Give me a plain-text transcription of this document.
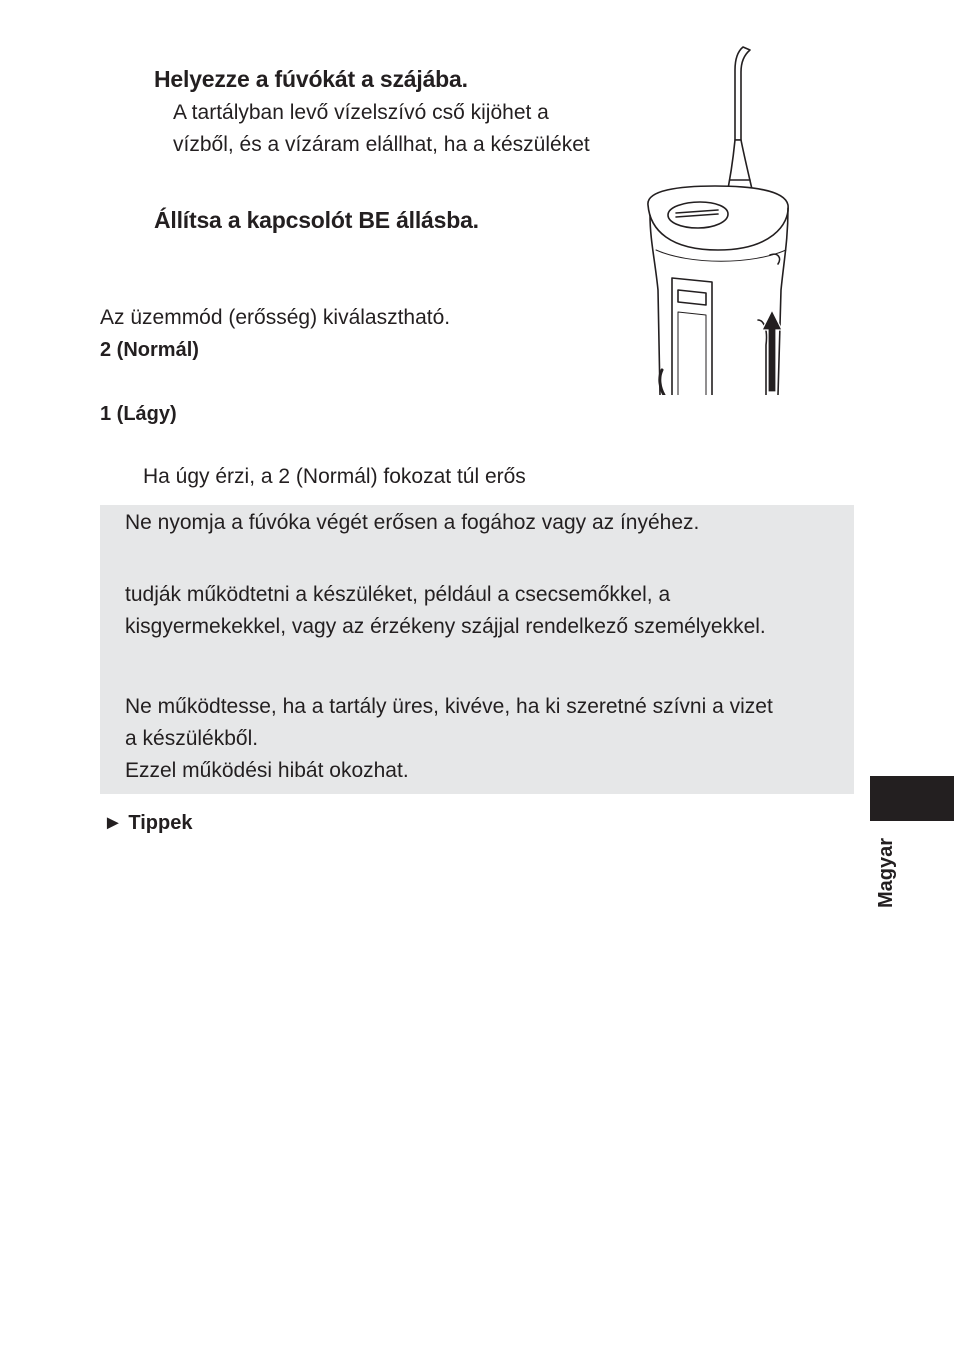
Helyezze a fúvókát a szájába.
A tartályban levő vízelszívó cső kijöhet a
vízből, és a vízáram elállhat, ha a készüléket
Állítsa a kapcsolót BE állásba.
Az üzemmód (erősség) kiválasztható.
2 (Normál)
1 (Lágy)
Ha úgy érzi, a 2 (Normál) fokozat túl erős
Ne nyomja a fúvóka végét erősen a fogához vagy az ínyéhez.
tudják működtetni a készüléket, például a csecsemőkkel, a
kisgyermekekkel, vagy az érzékeny szájjal rendelkező személyekkel.
Ne működtesse, ha a tartály üres, kivéve, ha ki szeretné szívni a vizet
a készülékből.
Ezzel működési hibát okozhat.
► Tippek
Magyar
